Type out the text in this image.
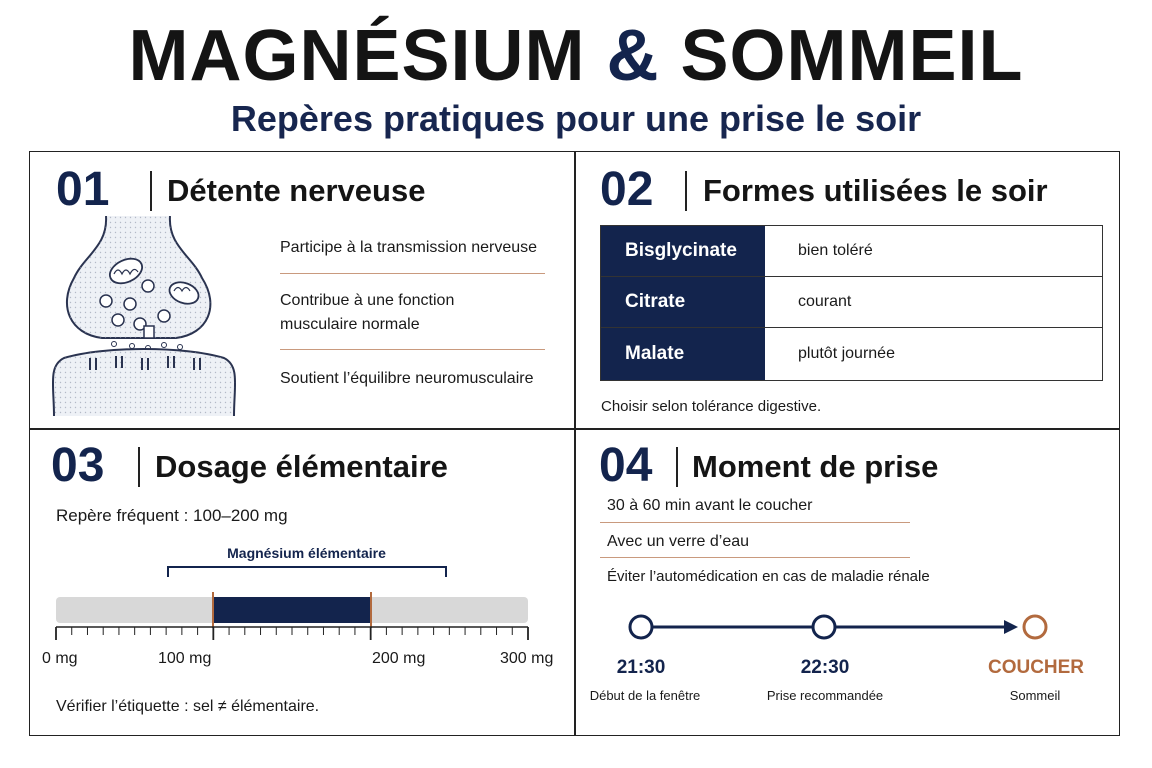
MAGNÉSIUM & SOMMEIL
Repères pratiques pour une prise le soir
01 Détente nerveuse
Participe à la transmission nerveuse
Contribue à une fonction musculaire normale
Soutient l’équilibre neuromusculaire
02 Formes utilisées le soir
Bisglycinate	bien toléré
Citrate	courant
Malate	plutôt journée
Choisir selon tolérance digestive.
03 Dosage élémentaire
Repère fréquent : 100–200 mg
Magnésium élémentaire
0 mg	100 mg	200 mg	300 mg
Vérifier l’étiquette : sel ≠ élémentaire.
04 Moment de prise
30 à 60 min avant le coucher
Avec un verre d’eau
Éviter l’automédication en cas de maladie rénale
21:30
Début de la fenêtre
22:30
Prise recommandée
COUCHER
Sommeil
